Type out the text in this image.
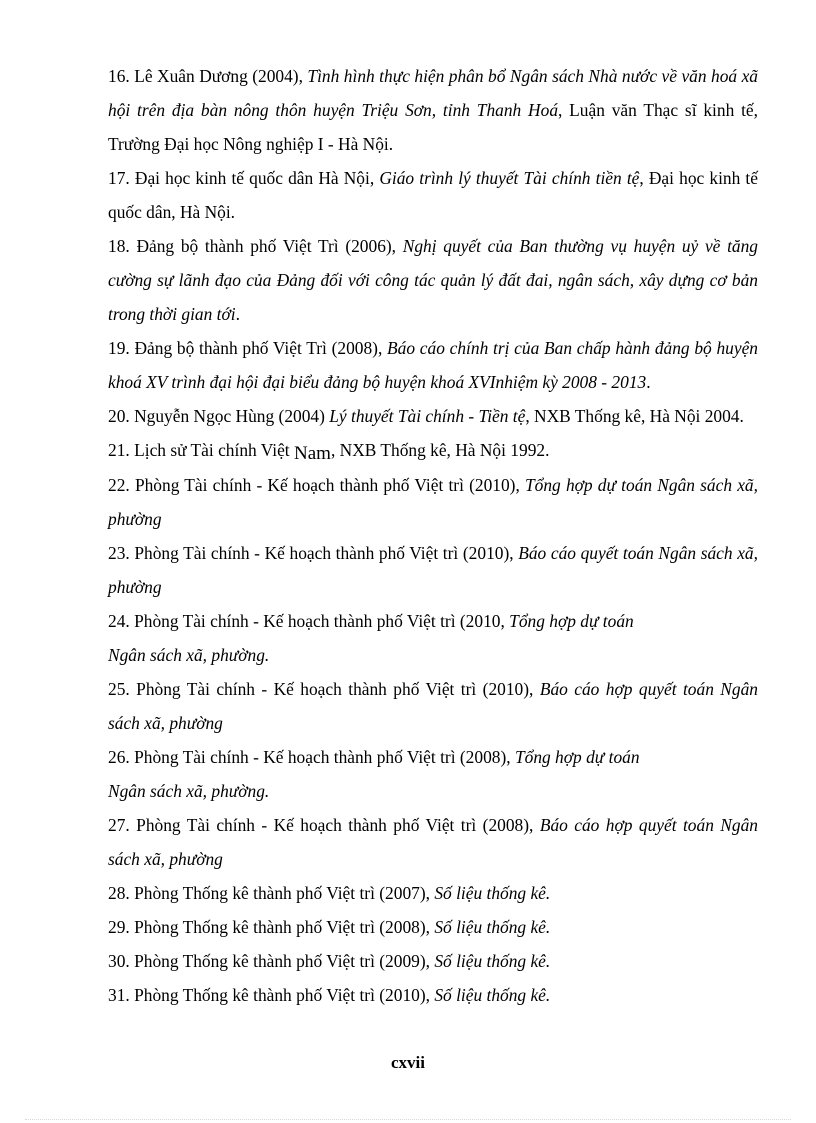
16. Lê Xuân Dương (2004), Tình hình thực hiện phân bổ Ngân sách Nhà nước về văn hoá xã hội trên địa bàn nông thôn huyện Triệu Sơn, tỉnh Thanh Hoá, Luận văn Thạc sĩ kinh tế, Trường Đại học Nông nghiệp I - Hà Nội.
17. Đại học kinh tế quốc dân Hà Nội, Giáo trình lý thuyết Tài chính tiền tệ, Đại học kinh tế quốc dân, Hà Nội.
18. Đảng bộ thành phố Việt Trì (2006), Nghị quyết của Ban thường vụ huyện uỷ về tăng cường sự lãnh đạo của Đảng đối với công tác quản lý đất đai, ngân sách, xây dựng cơ bản trong thời gian tới.
19. Đảng bộ thành phố Việt Trì (2008), Báo cáo chính trị của Ban chấp hành đảng bộ huyện khoá XV trình đại hội đại biểu đảng bộ huyện khoá XVInhiệm kỳ 2008 - 2013.
20. Nguyễn Ngọc Hùng (2004) Lý thuyết Tài chính - Tiền tệ, NXB Thống kê, Hà Nội 2004.
21. Lịch sử Tài chính Việt Nam, NXB Thống kê, Hà Nội 1992.
22. Phòng Tài chính - Kế hoạch thành phố Việt trì (2010), Tổng hợp dự toán Ngân sách xã, phường
23. Phòng Tài chính - Kế hoạch thành phố Việt trì (2010), Báo cáo quyết toán Ngân sách xã, phường
24. Phòng Tài chính - Kế hoạch thành phố Việt trì (2010, Tổng hợp dự toán
Ngân sách xã, phường.
25. Phòng Tài chính - Kế hoạch thành phố Việt trì (2010), Báo cáo hợp quyết toán Ngân sách xã, phường
26. Phòng Tài chính - Kế hoạch thành phố Việt trì (2008), Tổng hợp dự toán
Ngân sách xã, phường.
27. Phòng Tài chính - Kế hoạch thành phố Việt trì (2008), Báo cáo hợp quyết toán Ngân sách xã, phường
28. Phòng Thống kê thành phố Việt trì (2007), Số liệu thống kê.
29. Phòng Thống kê thành phố Việt trì (2008), Số liệu thống kê.
30. Phòng Thống kê thành phố Việt trì (2009), Số liệu thống kê.
31. Phòng Thống kê thành phố Việt trì (2010), Số liệu thống kê.
cxvii
